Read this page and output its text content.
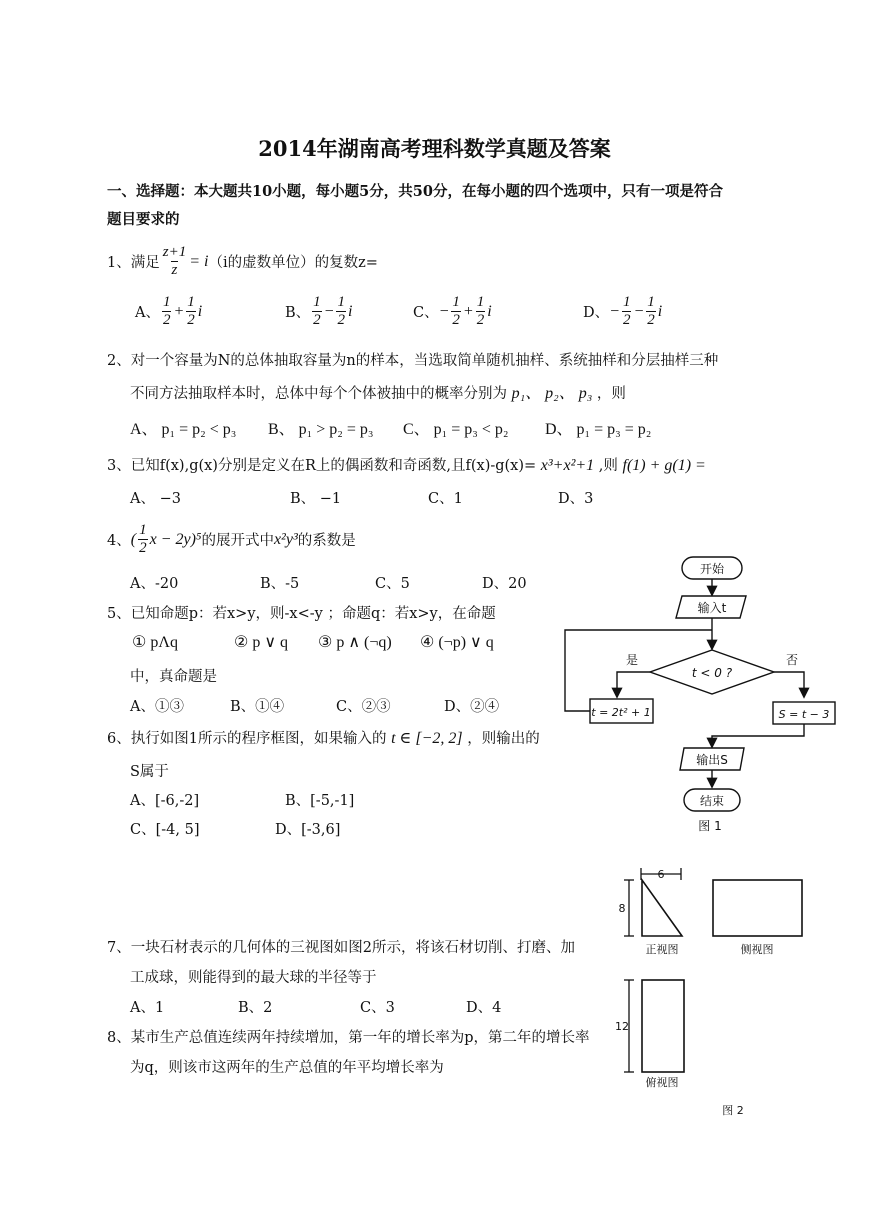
2014年湖南高考理科数学真题及答案
一、选择题：本大题共10小题，每小题5分，共50分，在每小题的四个选项中，只有一项是符合
题目要求的
1、满足 $\frac{z+1}{z} = i$ （i的虚数单位）的复数z=
A、 $\frac{1}{2} + \frac{1}{2}$ i	B、 $\frac{1}{2} - \frac{1}{2}$ i	C、 − $\frac{1}{2} + \frac{1}{2}$ i	D、 − $\frac{1}{2} - \frac{1}{2}$ i
2、对一个容量为N的总体抽取容量为n的样本，当选取简单随机抽样、系统抽样和分层抽样三种
不同方法抽取样本时，总体中每个个体被抽中的概率分别为 p₁、 p₂、 p₃ ，则
A、 p₁ = p₂ < p₃ B、 p₁ > p₂ = p₃ C、 p₁ = p₃ < p₂ D、 p₁ = p₃ = p₂
3、已知f(x),g(x)分别是定义在R上的偶函数和奇函数,且f(x)-g(x)= x³+x²+1 ,则 f(1) + g(1) =
A、 −3	B、 −1	C、1	D、3
4、 ( $\frac{1}{2}$ x − 2y)⁵ 的展开式中 x²y³ 的系数是
A、-20	B、-5	C、5	D、20
5、已知命题p：若x>y，则-x<-y ；命题q：若x>y，在命题
① pΛq	② p ∨ q ③ p ∧ (¬q) ④ (¬p) ∨ q
中，真命题是
A、①③	B、①④	C、②③	D、②④
6、执行如图1所示的程序框图，如果输入的 t ∈ [−2, 2] ，则输出的
S属于
A、[-6,-2]	B、[-5,-1]
C、[-4, 5]	D、[-3,6]
开始
输入t
t < 0 ?
是	否
t = 2t² + 1	S = t − 3
输出S
结束
图 1
7、一块石材表示的几何体的三视图如图2所示，将该石材切削、打磨、加
工成球，则能得到的最大球的半径等于
A、1	B、2	C、3	D、4
8、某市生产总值连续两年持续增加，第一年的增长率为p，第二年的增长率
为q，则该市这两年的生产总值的年平均增长率为
6
8
12
正视图	侧视图
俯视图
图 2
